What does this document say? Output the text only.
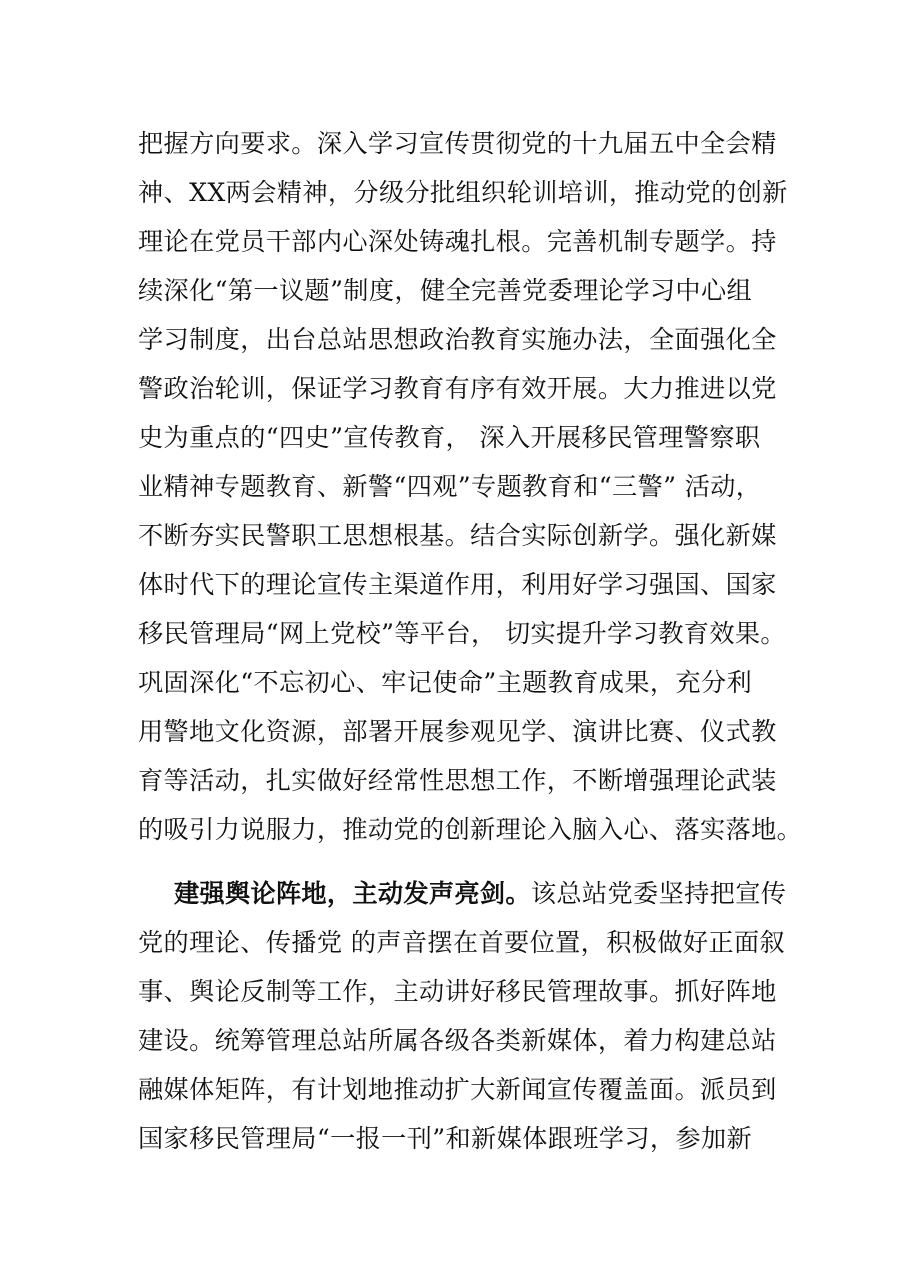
把握方向要求。深入学习宣传贯彻党的十九届五中全会精
神、XX两会精神，分级分批组织轮训培训，推动党的创新
理论在党员干部内心深处铸魂扎根。完善机制专题学。持
续深化“第一议题”制度，健全完善党委理论学习中心组
学习制度，出台总站思想政治教育实施办法，全面强化全
警政治轮训，保证学习教育有序有效开展。大力推进以党
史为重点的“四史”宣传教育， 深入开展移民管理警察职
业精神专题教育、新警“四观”专题教育和“三警” 活动，
不断夯实民警职工思想根基。结合实际创新学。强化新媒
体时代下的理论宣传主渠道作用，利用好学习强国、国家
移民管理局“网上党校”等平台， 切实提升学习教育效果。
巩固深化“不忘初心、牢记使命”主题教育成果，充分利
用警地文化资源，部署开展参观见学、演讲比赛、仪式教
育等活动，扎实做好经常性思想工作，不断增强理论武装
的吸引力说服力，推动党的创新理论入脑入心、落实落地。
建强舆论阵地，主动发声亮剑。该总站党委坚持把宣传
党的理论、传播党 的声音摆在首要位置，积极做好正面叙
事、舆论反制等工作，主动讲好移民管理故事。抓好阵地
建设。统筹管理总站所属各级各类新媒体，着力构建总站
融媒体矩阵，有计划地推动扩大新闻宣传覆盖面。派员到
国家移民管理局“一报一刊”和新媒体跟班学习，参加新
